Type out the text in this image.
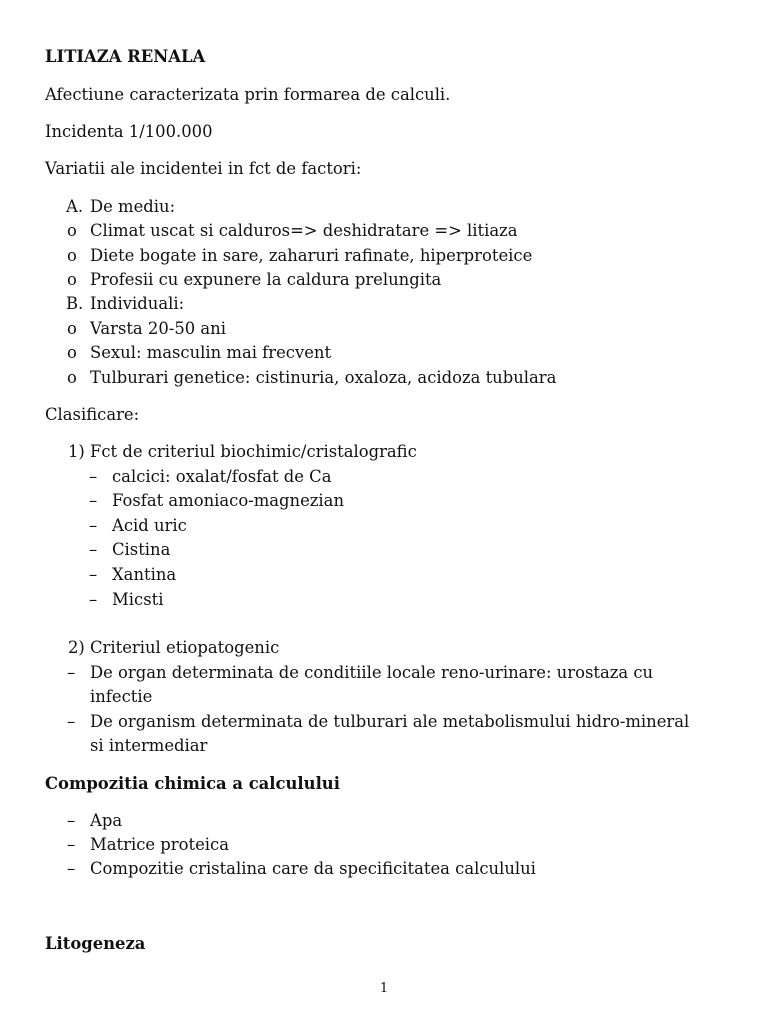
LITIAZA RENALA
Afectiune caracterizata prin formarea de calculi.
Incidenta 1/100.000
Variatii ale incidentei in fct de factori:
A. De mediu:
o Climat uscat si calduros=> deshidratare => litiaza
o Diete bogate in sare, zaharuri rafinate, hiperproteice
o Profesii cu expunere la caldura prelungita
B. Individuali:
o Varsta 20-50 ani
o Sexul: masculin mai frecvent
o Tulburari genetice: cistinuria, oxaloza, acidoza tubulara
Clasificare:
1) Fct de criteriul biochimic/cristalografic
– calcici: oxalat/fosfat de Ca
– Fosfat amoniaco-magnezian
– Acid uric
– Cistina
– Xantina
– Micsti
2) Criteriul etiopatogenic
– De organ determinata de conditiile locale reno-urinare: urostaza cu
infectie
– De organism determinata de tulburari ale metabolismului hidro-mineral
si intermediar
Compozitia chimica a calculului
– Apa
– Matrice proteica
– Compozitie cristalina care da specificitatea calculului
Litogeneza
1
